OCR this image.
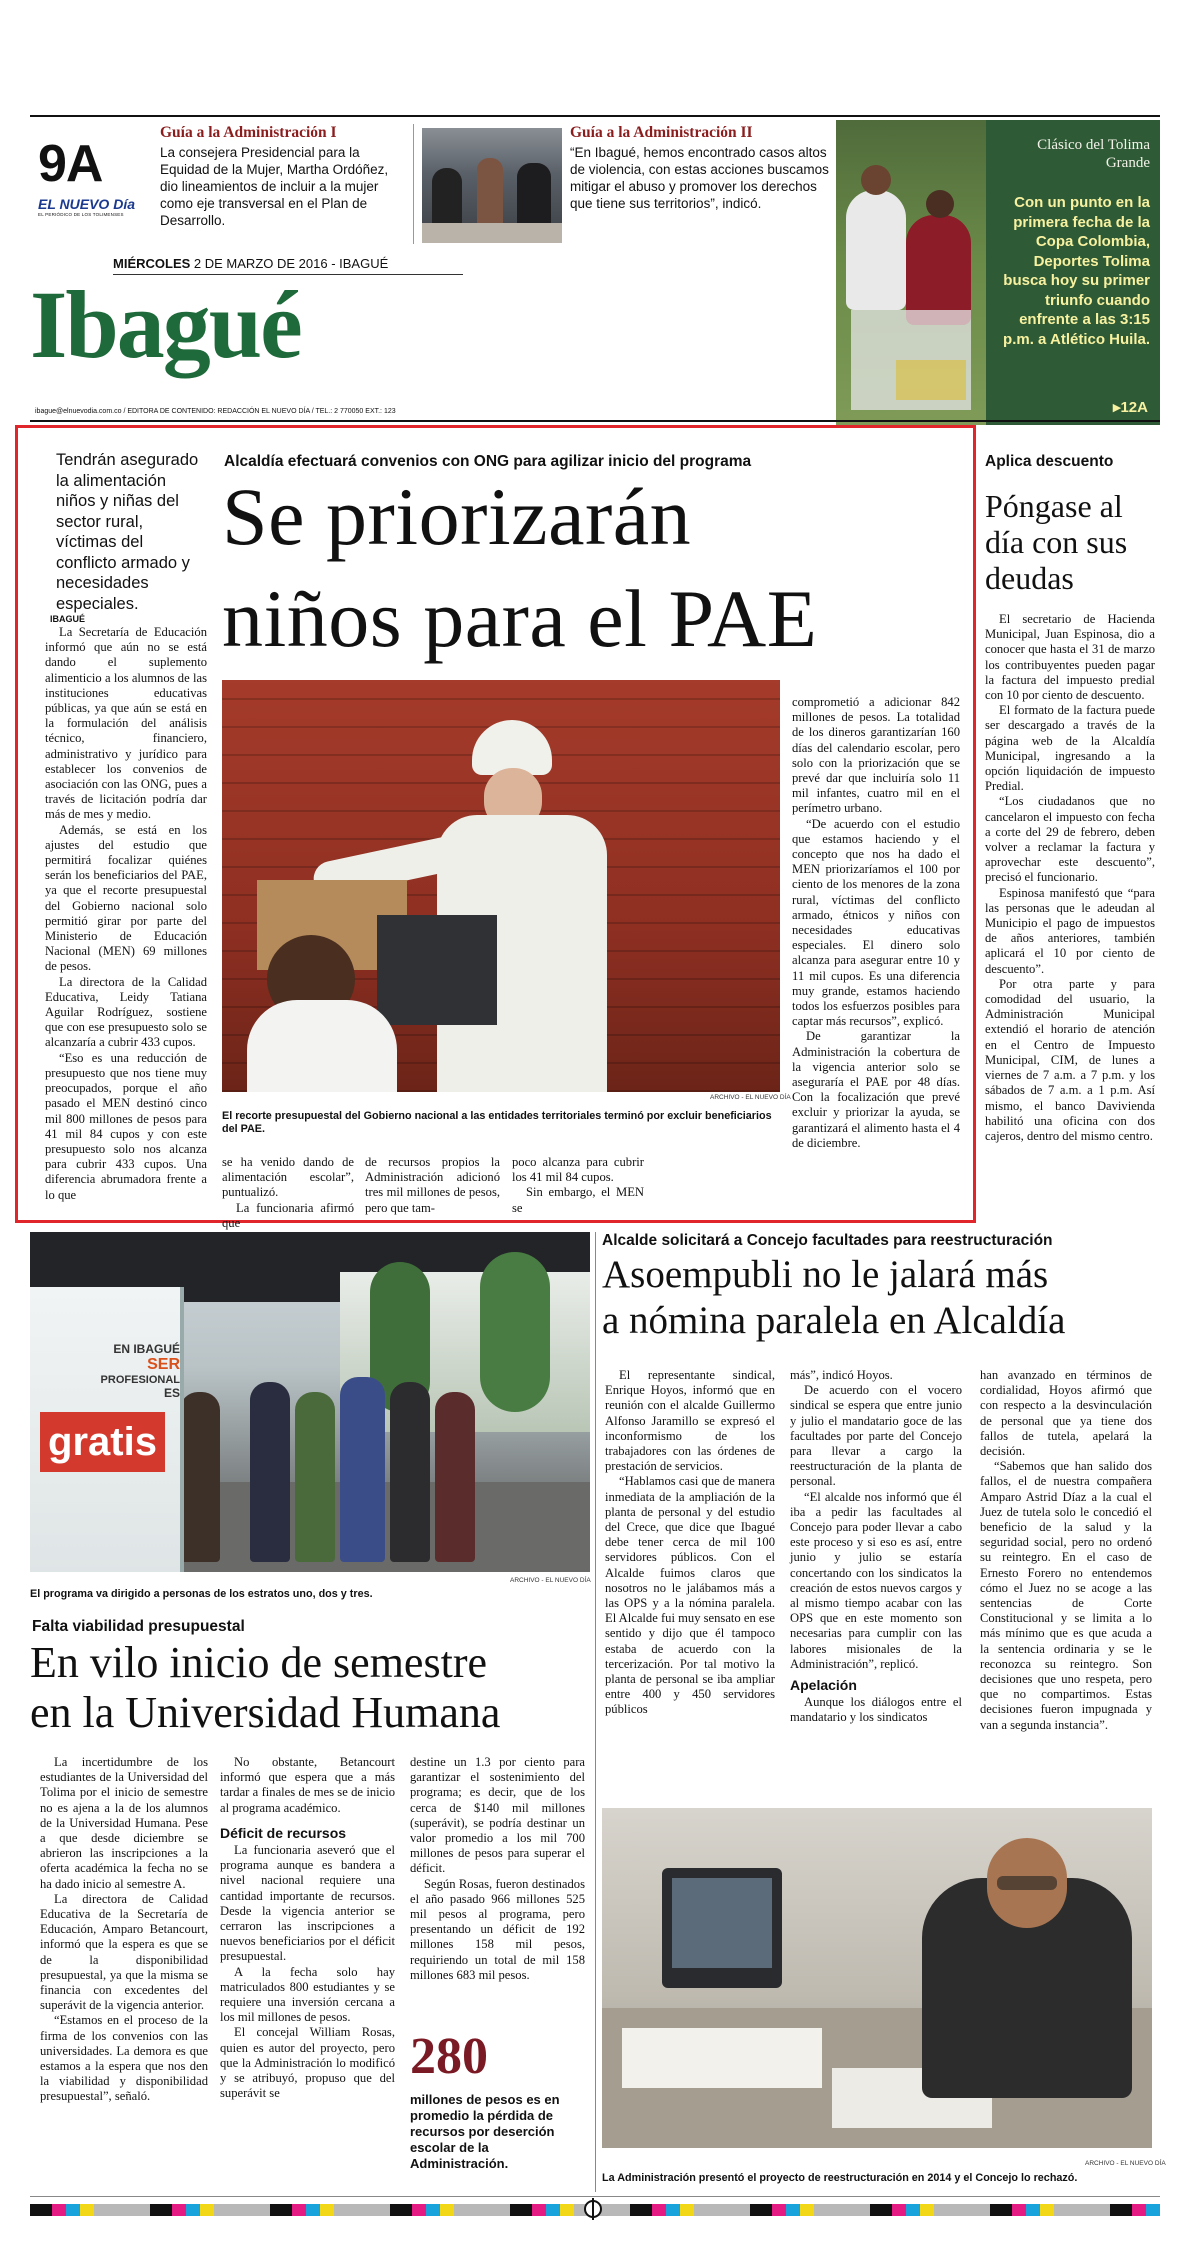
9A
EL NUEVO Día
EL PERIÓDICO DE LOS TOLIMENSES
Guía a la Administración I
La consejera Presidencial para la Equidad de la Mujer, Martha Ordóñez, dio lineamientos de incluir a la mujer como eje transversal en el Plan de Desarrollo.
Guía a la Administración II
“En Ibagué, hemos encontrado casos altos de violencia, con estas acciones buscamos mitigar el abuso y promover los derechos que tiene sus territorios”, indicó.
MIÉRCOLES 2 DE MARZO DE 2016 - IBAGUÉ
Ibagué
Clásico del Tolima Grande
Con un punto en la primera fecha de la Copa Colombia, Deportes Tolima busca hoy su primer triunfo cuando enfrente a las 3:15 p.m. a Atlético Huila.
▸12A
ibague@elnuevodia.com.co / EDITORA DE CONTENIDO: REDACCIÓN EL NUEVO DÍA / TEL.: 2 770050 EXT.: 123
Tendrán asegurado la alimentación niños y niñas del sector rural, víctimas del conflicto armado y necesidades especiales.
IBAGUÉ

La Secretaría de Educación informó que aún no se está dando el suplemento alimenticio a los alumnos de las instituciones educativas públicas, ya que aún se está en la formulación del análisis técnico, financiero, administrativo y jurídico para establecer los convenios de asociación con las ONG, pues a través de licitación podría dar más de mes y medio.

Además, se está en los ajustes del estudio que permitirá focalizar quiénes serán los beneficiarios del PAE, ya que el recorte presupuestal del Gobierno nacional solo permitió girar por parte del Ministerio de Educación Nacional (MEN) 69 millones de pesos.

La directora de la Calidad Educativa, Leidy Tatiana Aguilar Rodríguez, sostiene que con ese presupuesto solo se alcanzaría a cubrir 433 cupos.

“Eso es una reducción de presupuesto que nos tiene muy preocupados, porque el año pasado el MEN destinó cinco mil 800 millones de pesos para 41 mil 84 cupos y con este presupuesto solo nos alcanza para cubrir 433 cupos. Una diferencia abrumadora frente a lo que

Alcaldía efectuará convenios con ONG para agilizar inicio del programa
Se priorizarán
niños para el PAE
ARCHIVO - EL NUEVO DÍA
El recorte presupuestal del Gobierno nacional a las entidades territoriales terminó por excluir beneficiarios del PAE.

se ha venido dando de alimentación escolar”, puntualizó.

La funcionaria afirmó que

de recursos propios la Administración adicionó tres mil millones de pesos, pero que tam-

poco alcanza para cubrir los 41 mil 84 cupos.

Sin embargo, el MEN se

comprometió a adicionar 842 millones de pesos. La totalidad de los dineros garantizarían 160 días del calendario escolar, pero solo con la priorización que se prevé dar que incluiría solo 11 mil infantes, cuatro mil en el perímetro urbano.

“De acuerdo con el estudio que estamos haciendo y el concepto que nos ha dado el MEN priorizaríamos el 100 por ciento de los menores de la zona rural, víctimas del conflicto armado, étnicos y niños con necesidades educativas especiales. El dinero solo alcanza para asegurar entre 10 y 11 mil cupos. Es una diferencia muy grande, estamos haciendo todos los esfuerzos posibles para captar más recursos”, explicó.

De garantizar la Administración la cobertura de la vigencia anterior solo se aseguraría el PAE por 48 días. Con la focalización que prevé excluir y priorizar la ayuda, se garantizará el alimento hasta el 4 de diciembre.

Aplica descuento
Póngase al día con sus deudas

El secretario de Hacienda Municipal, Juan Espinosa, dio a conocer que hasta el 31 de marzo los contribuyentes pueden pagar la factura del impuesto predial con 10 por ciento de descuento.

El formato de la factura puede ser descargado a través de la página web de la Alcaldía Municipal, ingresando a la opción liquidación de impuesto Predial.

“Los ciudadanos que no cancelaron el impuesto con fecha a corte del 29 de febrero, deben volver a reclamar la factura y aprovechar este descuento”, precisó el funcionario.

Espinosa manifestó que “para las personas que le adeudan al Municipio el pago de impuestos de años anteriores, también aplicará el 10 por ciento de descuento”.

Por otra parte y para comodidad del usuario, la Administración Municipal extendió el horario de atención en el Centro de Impuesto Municipal, CIM, de lunes a viernes de 7 a.m. a 7 p.m. y los sábados de 7 a.m. a 1 p.m. Así mismo, el banco Davivienda habilitó una oficina con dos cajeros, dentro del mismo centro.

EN IBAGUÉ
SER
PROFESIONAL
ES
gratis
ARCHIVO - EL NUEVO DÍA
El programa va dirigido a personas de los estratos uno, dos y tres.
Falta viabilidad presupuestal
En vilo inicio de semestre
en la Universidad Humana

La incertidumbre de los estudiantes de la Universidad del Tolima por el inicio de semestre no es ajena a la de los alumnos de la Universidad Humana. Pese a que desde diciembre se abrieron las inscripciones a la oferta académica la fecha no se ha dado inicio al semestre A.

La directora de Calidad Educativa de la Secretaría de Educación, Amparo Betancourt, informó que la espera es que se de la disponibilidad presupuestal, ya que la misma se financia con excedentes del superávit de la vigencia anterior.

“Estamos en el proceso de la firma de los convenios con las universidades. La demora es que estamos a la espera que nos den la viabilidad y disponibilidad presupuestal”, señaló.

No obstante, Betancourt informó que espera que a más tardar a finales de mes se de inicio al programa académico.

Déficit de recursos

La funcionaria aseveró que el programa aunque es bandera a nivel nacional requiere una cantidad importante de recursos. Desde la vigencia anterior se cerraron las inscripciones a nuevos beneficiarios por el déficit presupuestal.

A la fecha solo hay matriculados 800 estudiantes y se requiere una inversión cercana a los mil millones de pesos.

El concejal William Rosas, quien es autor del proyecto, pero que la Administración lo modificó y se atribuyó, propuso que del superávit se

destine un 1.3 por ciento para garantizar el sostenimiento del programa; es decir, que de los cerca de $140 mil millones (superávit), se podría destinar un valor promedio a los mil 700 millones de pesos para superar el déficit.

Según Rosas, fueron destinados el año pasado 966 millones 525 mil pesos al programa, pero presentando un déficit de 192 millones 158 mil pesos, requiriendo un total de mil 158 millones 683 mil pesos.

280
millones de pesos es en promedio la pérdida de recursos por deserción escolar de la Administración.
Alcalde solicitará a Concejo facultades para reestructuración
Asoempubli no le jalará más
a nómina paralela en Alcaldía

El representante sindical, Enrique Hoyos, informó que en reunión con el alcalde Guillermo Alfonso Jaramillo se expresó el inconformismo de los trabajadores con las órdenes de prestación de servicios.

“Hablamos casi que de manera inmediata de la ampliación de la planta de personal y del estudio del Crece, que dice que Ibagué debe tener cerca de mil 100 servidores públicos. Con el Alcalde fuimos claros que nosotros no le jalábamos más a las OPS y a la nómina paralela. El Alcalde fui muy sensato en ese sentido y dijo que él tampoco estaba de acuerdo con la tercerización. Por tal motivo la planta de personal se iba ampliar entre 400 y 450 servidores públicos

más”, indicó Hoyos.

De acuerdo con el vocero sindical se espera que entre junio y julio el mandatario goce de las facultades por parte del Concejo para llevar a cargo la reestructuración de la planta de personal.

“El alcalde nos informó que él iba a pedir las facultades al Concejo para poder llevar a cabo este proceso y si eso es así, entre junio y julio se estaría concertando con los sindicatos la creación de estos nuevos cargos y al mismo tiempo acabar con las OPS que en este momento son necesarias para cumplir con las labores misionales de la Administración”, replicó.

Apelación

Aunque los diálogos entre el mandatario y los sindicatos

han avanzado en términos de cordialidad, Hoyos afirmó que con respecto a la desvinculación de personal que ya tiene dos fallos de tutela, apelará la decisión.

“Sabemos que han salido dos fallos, el de nuestra compañera Amparo Astrid Díaz a la cual el Juez de tutela solo le concedió el beneficio de la salud y la seguridad social, pero no ordenó su reintegro. En el caso de Ernesto Forero no entendemos cómo el Juez no se acoge a las sentencias de Corte Constitucional y se limita a lo más mínimo que es que acuda a la sentencia ordinaria y se le reconozca su reintegro. Son decisiones que uno respeta, pero que no compartimos. Estas decisiones fueron impugnada y van a segunda instancia”.

ARCHIVO - EL NUEVO DÍA
La Administración presentó el proyecto de reestructuración en 2014 y el Concejo lo rechazó.
